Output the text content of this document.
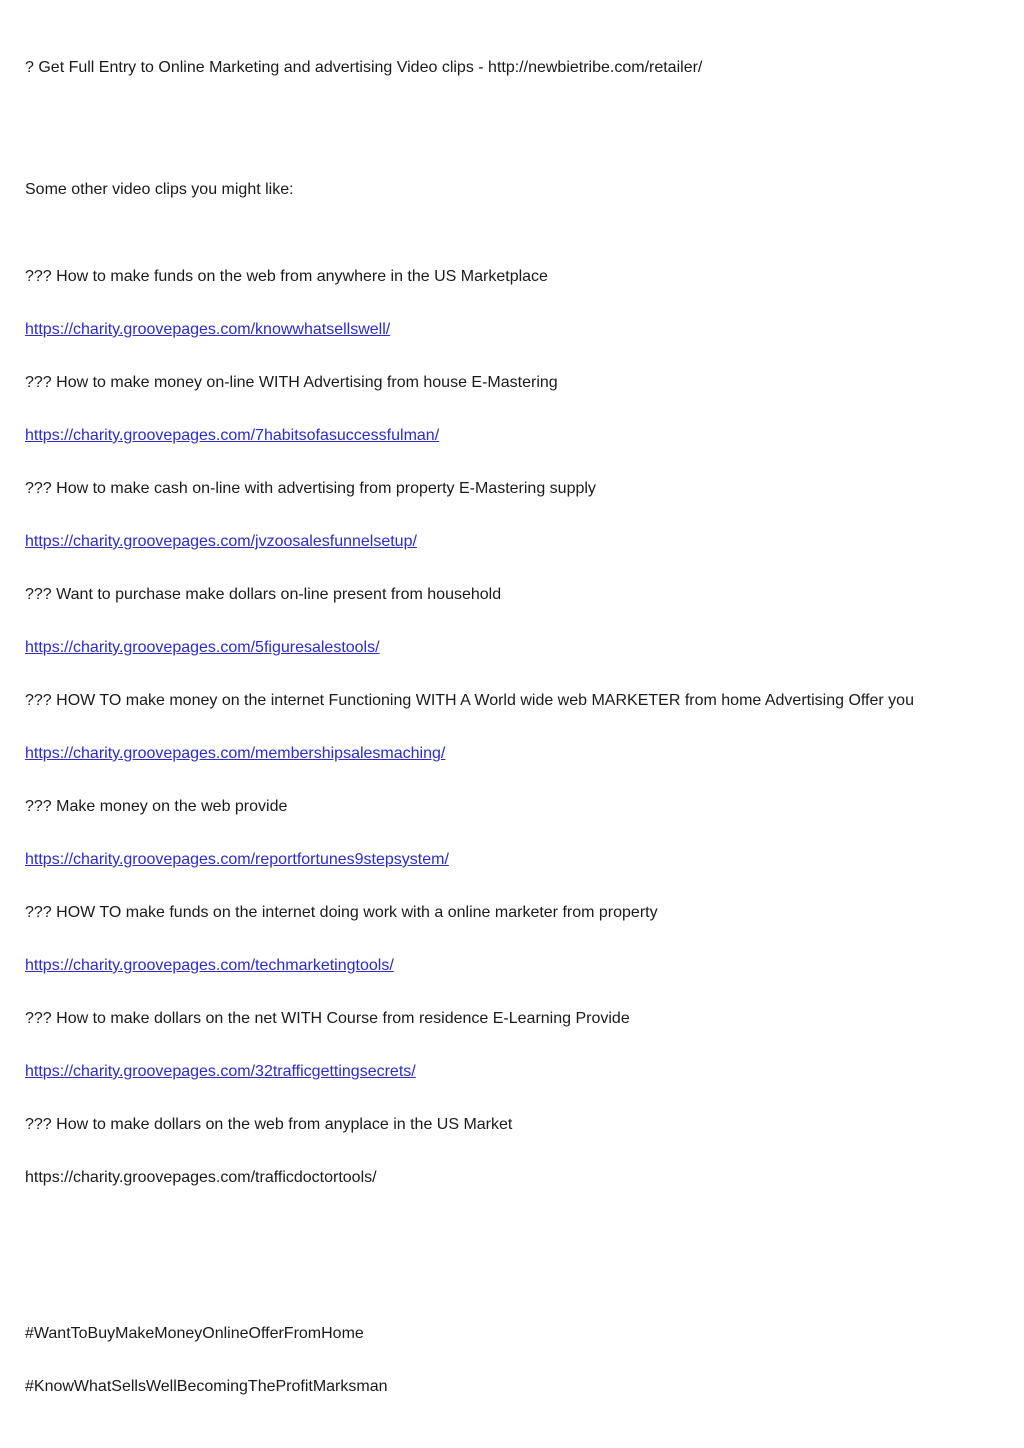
? Get Full Entry to Online Marketing and advertising Video clips - http://newbietribe.com/retailer/
Some other video clips you might like:
??? How to make funds on the web from anywhere in the US Marketplace
https://charity.groovepages.com/knowwhatsellswell/
??? How to make money on-line WITH Advertising from house E-Mastering
https://charity.groovepages.com/7habitsofasuccessfulman/
??? How to make cash on-line with advertising from property E-Mastering supply
https://charity.groovepages.com/jvzoosalesfunnelsetup/
??? Want to purchase make dollars on-line present from household
https://charity.groovepages.com/5figuresalestools/
??? HOW TO make money on the internet Functioning WITH A World wide web MARKETER from home Advertising Offer you
https://charity.groovepages.com/membershipsalesmaching/
??? Make money on the web provide
https://charity.groovepages.com/reportfortunes9stepsystem/
??? HOW TO make funds on the internet doing work with a online marketer from property
https://charity.groovepages.com/techmarketingtools/
??? How to make dollars on the net WITH Course from residence E-Learning Provide
https://charity.groovepages.com/32trafficgettingsecrets/
??? How to make dollars on the web from anyplace in the US Market
https://charity.groovepages.com/trafficdoctortools/
#WantToBuyMakeMoneyOnlineOfferFromHome
#KnowWhatSellsWellBecomingTheProfitMarksman
